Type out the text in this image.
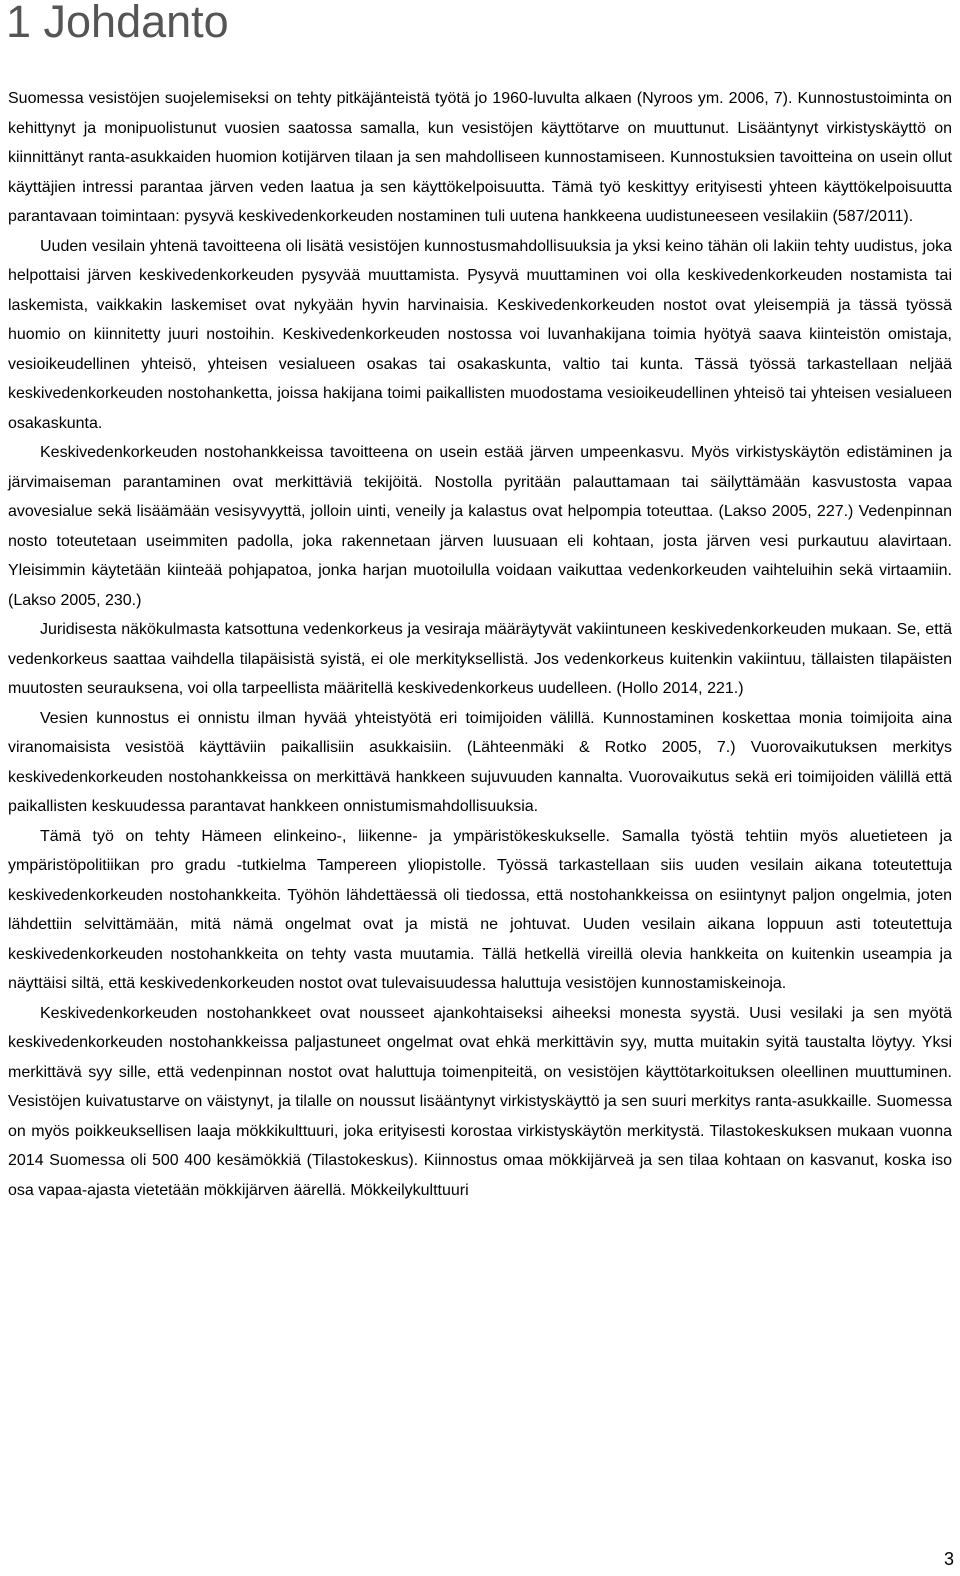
1 Johdanto

Suomessa vesistöjen suojelemiseksi on tehty pitkäjänteistä työtä jo 1960-luvulta alkaen (Nyroos ym. 2006, 7). Kunnostustoiminta on kehittynyt ja monipuolistunut vuosien saatossa samalla, kun vesistöjen käyttötarve on muuttunut. Lisääntynyt virkistyskäyttö on kiinnittänyt ranta-asukkaiden huomion kotijärven tilaan ja sen mahdolliseen kunnostamiseen. Kunnostuksien tavoitteina on usein ollut käyttäjien intressi parantaa järven veden laatua ja sen käyttökelpoisuutta. Tämä työ keskittyy erityisesti yhteen käyttökelpoisuutta parantavaan toimintaan: pysyvä keskivedenkorkeuden nostaminen tuli uutena hankkeena uudistuneeseen vesilakiin (587/2011).

Uuden vesilain yhtenä tavoitteena oli lisätä vesistöjen kunnostusmahdollisuuksia ja yksi keino tähän oli lakiin tehty uudistus, joka helpottaisi järven keskivedenkorkeuden pysyvää muuttamista. Pysyvä muuttaminen voi olla keskivedenkorkeuden nostamista tai laskemista, vaikkakin laskemiset ovat nykyään hyvin harvinaisia. Keskivedenkorkeuden nostot ovat yleisempiä ja tässä työssä huomio on kiinnitetty juuri nostoihin. Keskivedenkorkeuden nostossa voi luvanhakijana toimia hyötyä saava kiinteistön omistaja, vesioikeudellinen yhteisö, yhteisen vesialueen osakas tai osakaskunta, valtio tai kunta. Tässä työssä tarkastellaan neljää keskivedenkorkeuden nostohanketta, joissa hakijana toimi paikallisten muodostama vesioikeudellinen yhteisö tai yhteisen vesialueen osakaskunta.

Keskivedenkorkeuden nostohankkeissa tavoitteena on usein estää järven umpeenkasvu. Myös virkistyskäytön edistäminen ja järvimaiseman parantaminen ovat merkittäviä tekijöitä. Nostolla pyritään palauttamaan tai säilyttämään kasvustosta vapaa avovesialue sekä lisäämään vesisyvyyttä, jolloin uinti, veneily ja kalastus ovat helpompia toteuttaa. (Lakso 2005, 227.) Vedenpinnan nosto toteutetaan useimmiten padolla, joka rakennetaan järven luusuaan eli kohtaan, josta järven vesi purkautuu alavirtaan. Yleisimmin käytetään kiinteää pohjapatoa, jonka harjan muotoilulla voidaan vaikuttaa vedenkorkeuden vaihteluihin sekä virtaamiin. (Lakso 2005, 230.)

Juridisesta näkökulmasta katsottuna vedenkorkeus ja vesiraja määräytyvät vakiintuneen keskivedenkorkeuden mukaan. Se, että vedenkorkeus saattaa vaihdella tilapäisistä syistä, ei ole merkityksellistä. Jos vedenkorkeus kuitenkin vakiintuu, tällaisten tilapäisten muutosten seurauksena, voi olla tarpeellista määritellä keskivedenkorkeus uudelleen. (Hollo 2014, 221.)

Vesien kunnostus ei onnistu ilman hyvää yhteistyötä eri toimijoiden välillä. Kunnostaminen koskettaa monia toimijoita aina viranomaisista vesistöä käyttäviin paikallisiin asukkaisiin. (Lähteenmäki & Rotko 2005, 7.) Vuorovaikutuksen merkitys keskivedenkorkeuden nostohankkeissa on merkittävä hankkeen sujuvuuden kannalta. Vuorovaikutus sekä eri toimijoiden välillä että paikallisten keskuudessa parantavat hankkeen onnistumismahdollisuuksia.

Tämä työ on tehty Hämeen elinkeino-, liikenne- ja ympäristökeskukselle. Samalla työstä tehtiin myös aluetieteen ja ympäristöpolitiikan pro gradu -tutkielma Tampereen yliopistolle. Työssä tarkastellaan siis uuden vesilain aikana toteutettuja keskivedenkorkeuden nostohankkeita. Työhön lähdettäessä oli tiedossa, että nostohankkeissa on esiintynyt paljon ongelmia, joten lähdettiin selvittämään, mitä nämä ongelmat ovat ja mistä ne johtuvat. Uuden vesilain aikana loppuun asti toteutettuja keskivedenkorkeuden nostohankkeita on tehty vasta muutamia. Tällä hetkellä vireillä olevia hankkeita on kuitenkin useampia ja näyttäisi siltä, että keskivedenkorkeuden nostot ovat tulevaisuudessa haluttuja vesistöjen kunnostamiskeinoja.

Keskivedenkorkeuden nostohankkeet ovat nousseet ajankohtaiseksi aiheeksi monesta syystä. Uusi vesilaki ja sen myötä keskivedenkorkeuden nostohankkeissa paljastuneet ongelmat ovat ehkä merkittävin syy, mutta muitakin syitä taustalta löytyy. Yksi merkittävä syy sille, että vedenpinnan nostot ovat haluttuja toimenpiteitä, on vesistöjen käyttötarkoituksen oleellinen muuttuminen. Vesistöjen kuivatustarve on väistynyt, ja tilalle on noussut lisääntynyt virkistyskäyttö ja sen suuri merkitys ranta-asukkaille. Suomessa on myös poikkeuksellisen laaja mökkikulttuuri, joka erityisesti korostaa virkistyskäytön merkitystä. Tilastokeskuksen mukaan vuonna 2014 Suomessa oli 500 400 kesämökkiä (Tilastokeskus). Kiinnostus omaa mökkijärveä ja sen tilaa kohtaan on kasvanut, koska iso osa vapaa-ajasta vietetään mökkijärven äärellä. Mökkeilykulttuuri

3
